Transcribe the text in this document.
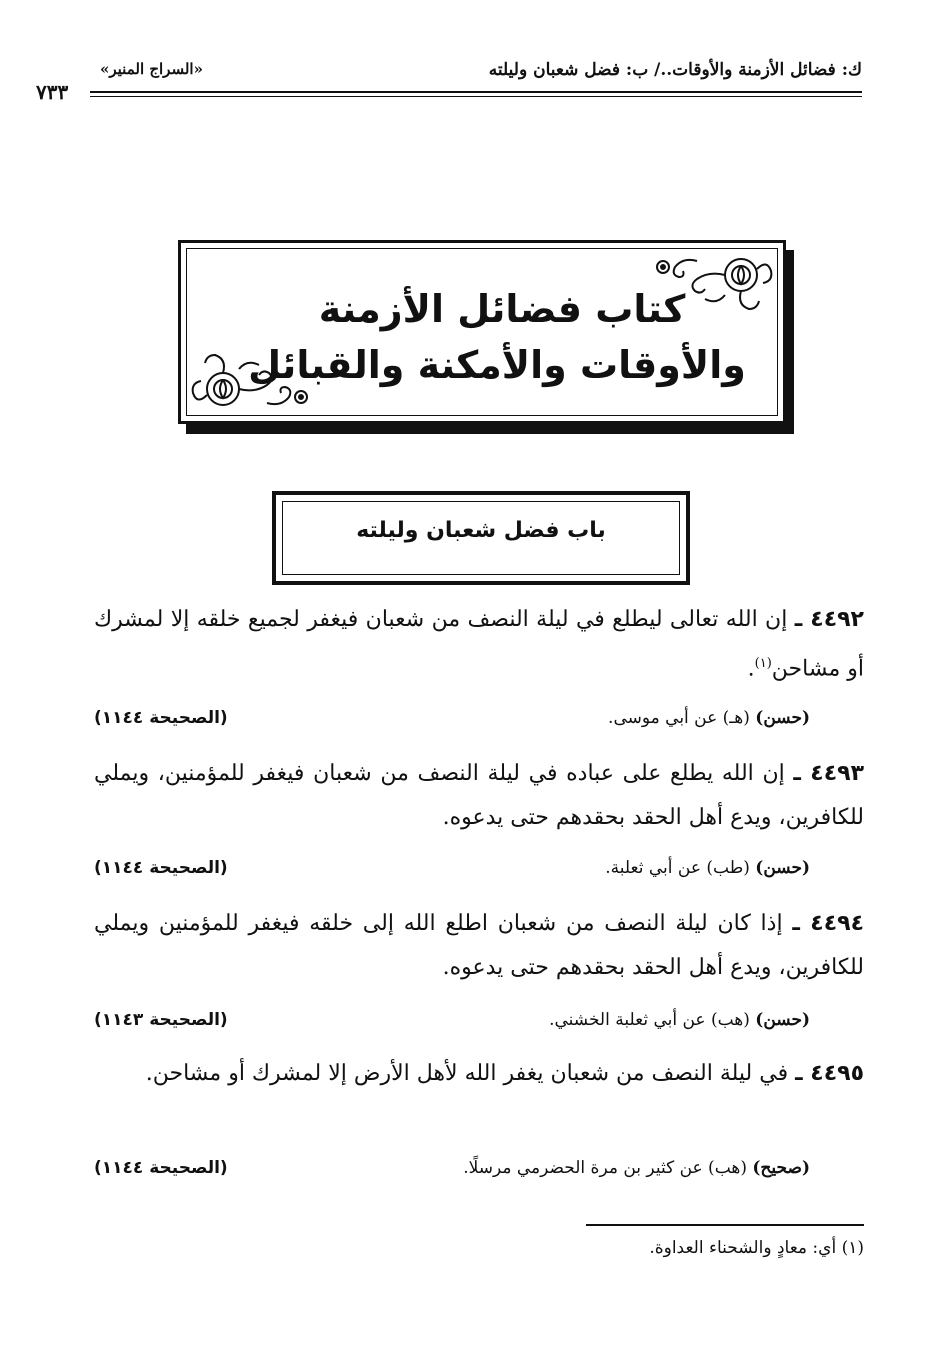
ك: فضائل الأزمنة والأوقات../ ب: فضل شعبان وليلته
«السراج المنير»
٧٣٣
كتاب فضائل الأزمنة
والأوقات والأمكنة والقبائل
باب فضل شعبان وليلته
٤٤٩٢ ـ إن الله تعالى ليطلع في ليلة النصف من شعبان فيغفر لجميع خلقه إلا لمشرك أو مشاحن$^{(١)}$.
(حسن) (هـ) عن أبي موسى.
(الصحيحة ١١٤٤)
٤٤٩٣ ـ إن الله يطلع على عباده في ليلة النصف من شعبان فيغفر للمؤمنين، ويملي للكافرين، ويدع أهل الحقد بحقدهم حتى يدعوه.
(حسن) (طب) عن أبي ثعلبة.
(الصحيحة ١١٤٤)
٤٤٩٤ ـ إذا كان ليلة النصف من شعبان اطلع الله إلى خلقه فيغفر للمؤمنين ويملي للكافرين، ويدع أهل الحقد بحقدهم حتى يدعوه.
(حسن) (هب) عن أبي ثعلبة الخشني.
(الصحيحة ١١٤٣)
٤٤٩٥ ـ في ليلة النصف من شعبان يغفر الله لأهل الأرض إلا لمشرك أو مشاحن.
(صحيح) (هب) عن كثير بن مرة الحضرمي مرسلًا.
(الصحيحة ١١٤٤)
(١) أي: معادٍ والشحناء العداوة.
